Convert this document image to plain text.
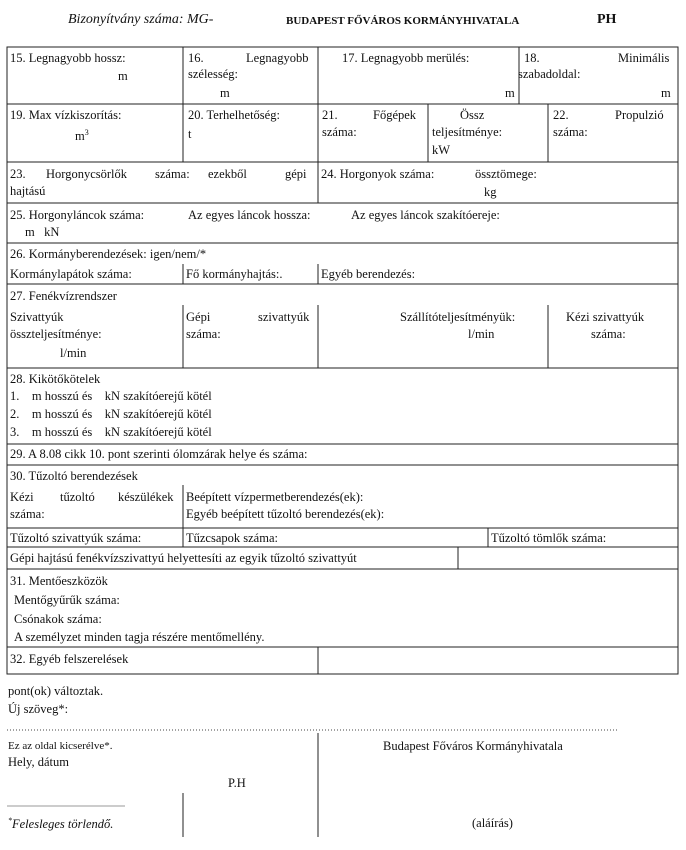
Bizonyítvány száma: MG-	BUDAPEST FŐVÁROS KORMÁNYHIVATALA	PH
15. Legnagyobb hossz:
m
16.	Legnagyobb
szélesség:
m
17. Legnagyobb merülés:
m
18.	Minimális
szabadoldal:
m
19. Max vízkiszorítás:
$m^3$
20. Terhelhetőség:
t
21.	Főgépek
száma:
Össz
teljesítménye:
kW
22.	Propulzió
száma:
23. Horgonycsörlők száma: ezekből	gépi
hajtású
24. Horgonyok száma:	össztömege:
kg
25. Horgonyláncok száma:	Az egyes láncok hossza:	Az egyes láncok szakítóereje:
m   kN
26. Kormányberendezések: igen/nem/*
Kormánylapátok száma:	Fő kormányhajtás:.	Egyéb berendezés:
27. Fenékvízrendszer
Szivattyúk
összteljesítménye:
l/min
Gépi	szivattyúk
száma:
Szállítóteljesítményük:
l/min
Kézi szivattyúk
száma:
28. Kikötőkötelek
1.    m hosszú és    kN szakítóerejű kötél
2.    m hosszú és    kN szakítóerejű kötél
3.    m hosszú és    kN szakítóerejű kötél
29. A 8.08 cikk 10. pont szerinti ólomzárak helye és száma:
30. Tűzoltó berendezések
Kézi tűzoltó készülékek
száma:
Beépített vízpermetberendezés(ek):
Egyéb beépített tűzoltó berendezés(ek):
Tűzoltó szivattyúk száma:	Tűzcsapok száma:	Tűzoltó tömlők száma:
Gépi hajtású fenékvízszivattyú helyettesíti az egyik tűzoltó szivattyút
31. Mentőeszközök
Mentőgyűrűk száma:
Csónakok száma:
A személyzet minden tagja részére mentőmellény.
32. Egyéb felszerelések
pont(ok) változtak.
Új szöveg*:
Ez az oldal kicserélve*.
Hely, dátum
P.H
Budapest Főváros Kormányhivatala
(aláírás)
*Felesleges törlendő.
